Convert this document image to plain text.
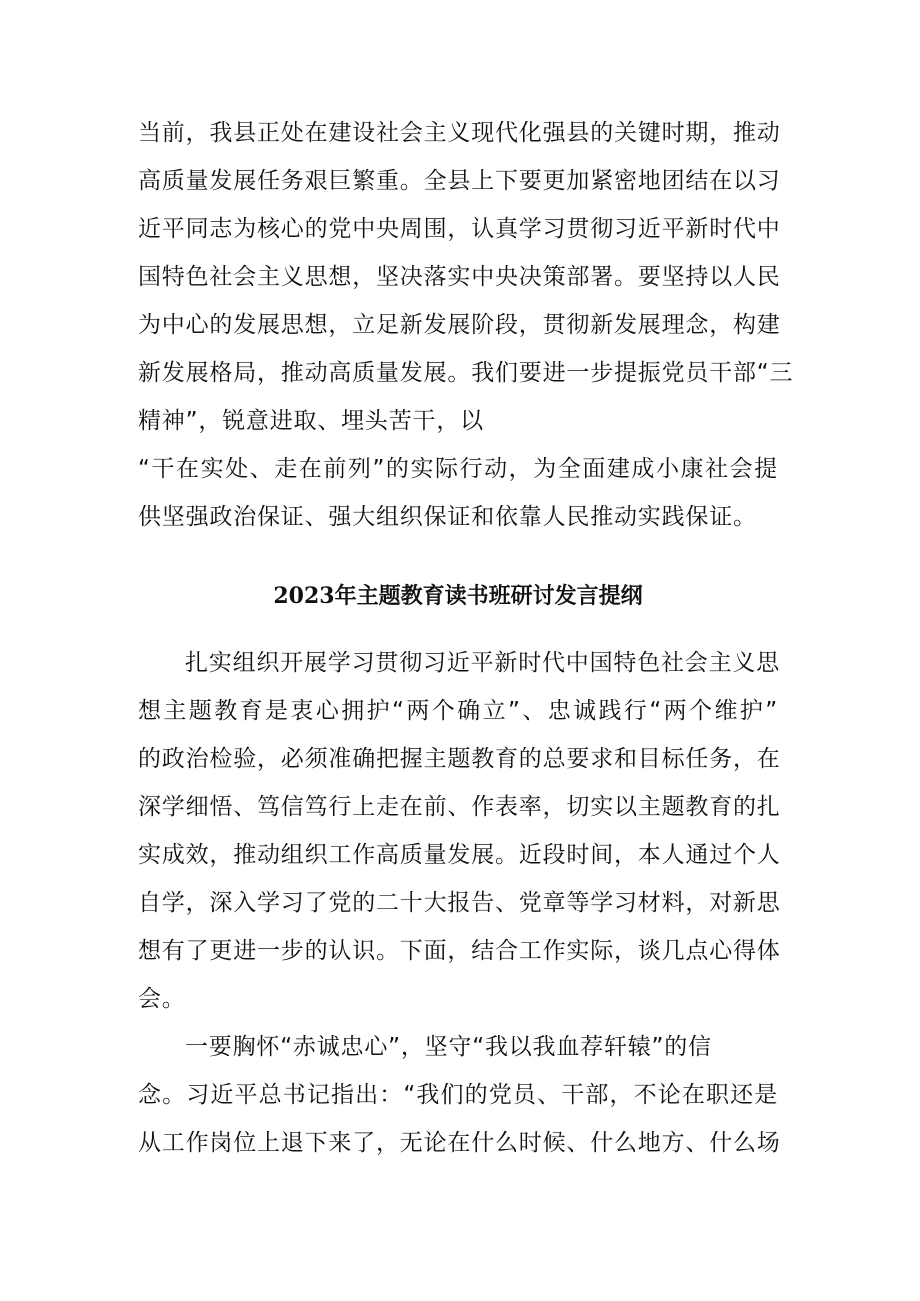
当前，我县正处在建设社会主义现代化强县的关键时期，推动

高质量发展任务艰巨繁重。全县上下要更加紧密地团结在以习

近平同志为核心的党中央周围，认真学习贯彻习近平新时代中

国特色社会主义思想，坚决落实中央决策部署。要坚持以人民

为中心的发展思想，立足新发展阶段，贯彻新发展理念，构建

新发展格局，推动高质量发展。我们要进一步提振党员干部“三

精神”，锐意进取、埋头苦干，以

“干在实处、走在前列”的实际行动，为全面建成小康社会提

供坚强政治保证、强大组织保证和依靠人民推动实践保证。

2023年主题教育读书班研讨发言提纲

扎实组织开展学习贯彻习近平新时代中国特色社会主义思

想主题教育是衷心拥护“两个确立”、忠诚践行“两个维护”

的政治检验，必须准确把握主题教育的总要求和目标任务，在

深学细悟、笃信笃行上走在前、作表率，切实以主题教育的扎

实成效，推动组织工作高质量发展。近段时间，本人通过个人

自学，深入学习了党的二十大报告、党章等学习材料，对新思

想有了更进一步的认识。下面，结合工作实际，谈几点心得体

会。

一要胸怀“赤诚忠心”，坚守“我以我血荐轩辕”的信

念。习近平总书记指出：“我们的党员、干部，不论在职还是

从工作岗位上退下来了，无论在什么时候、什么地方、什么场
